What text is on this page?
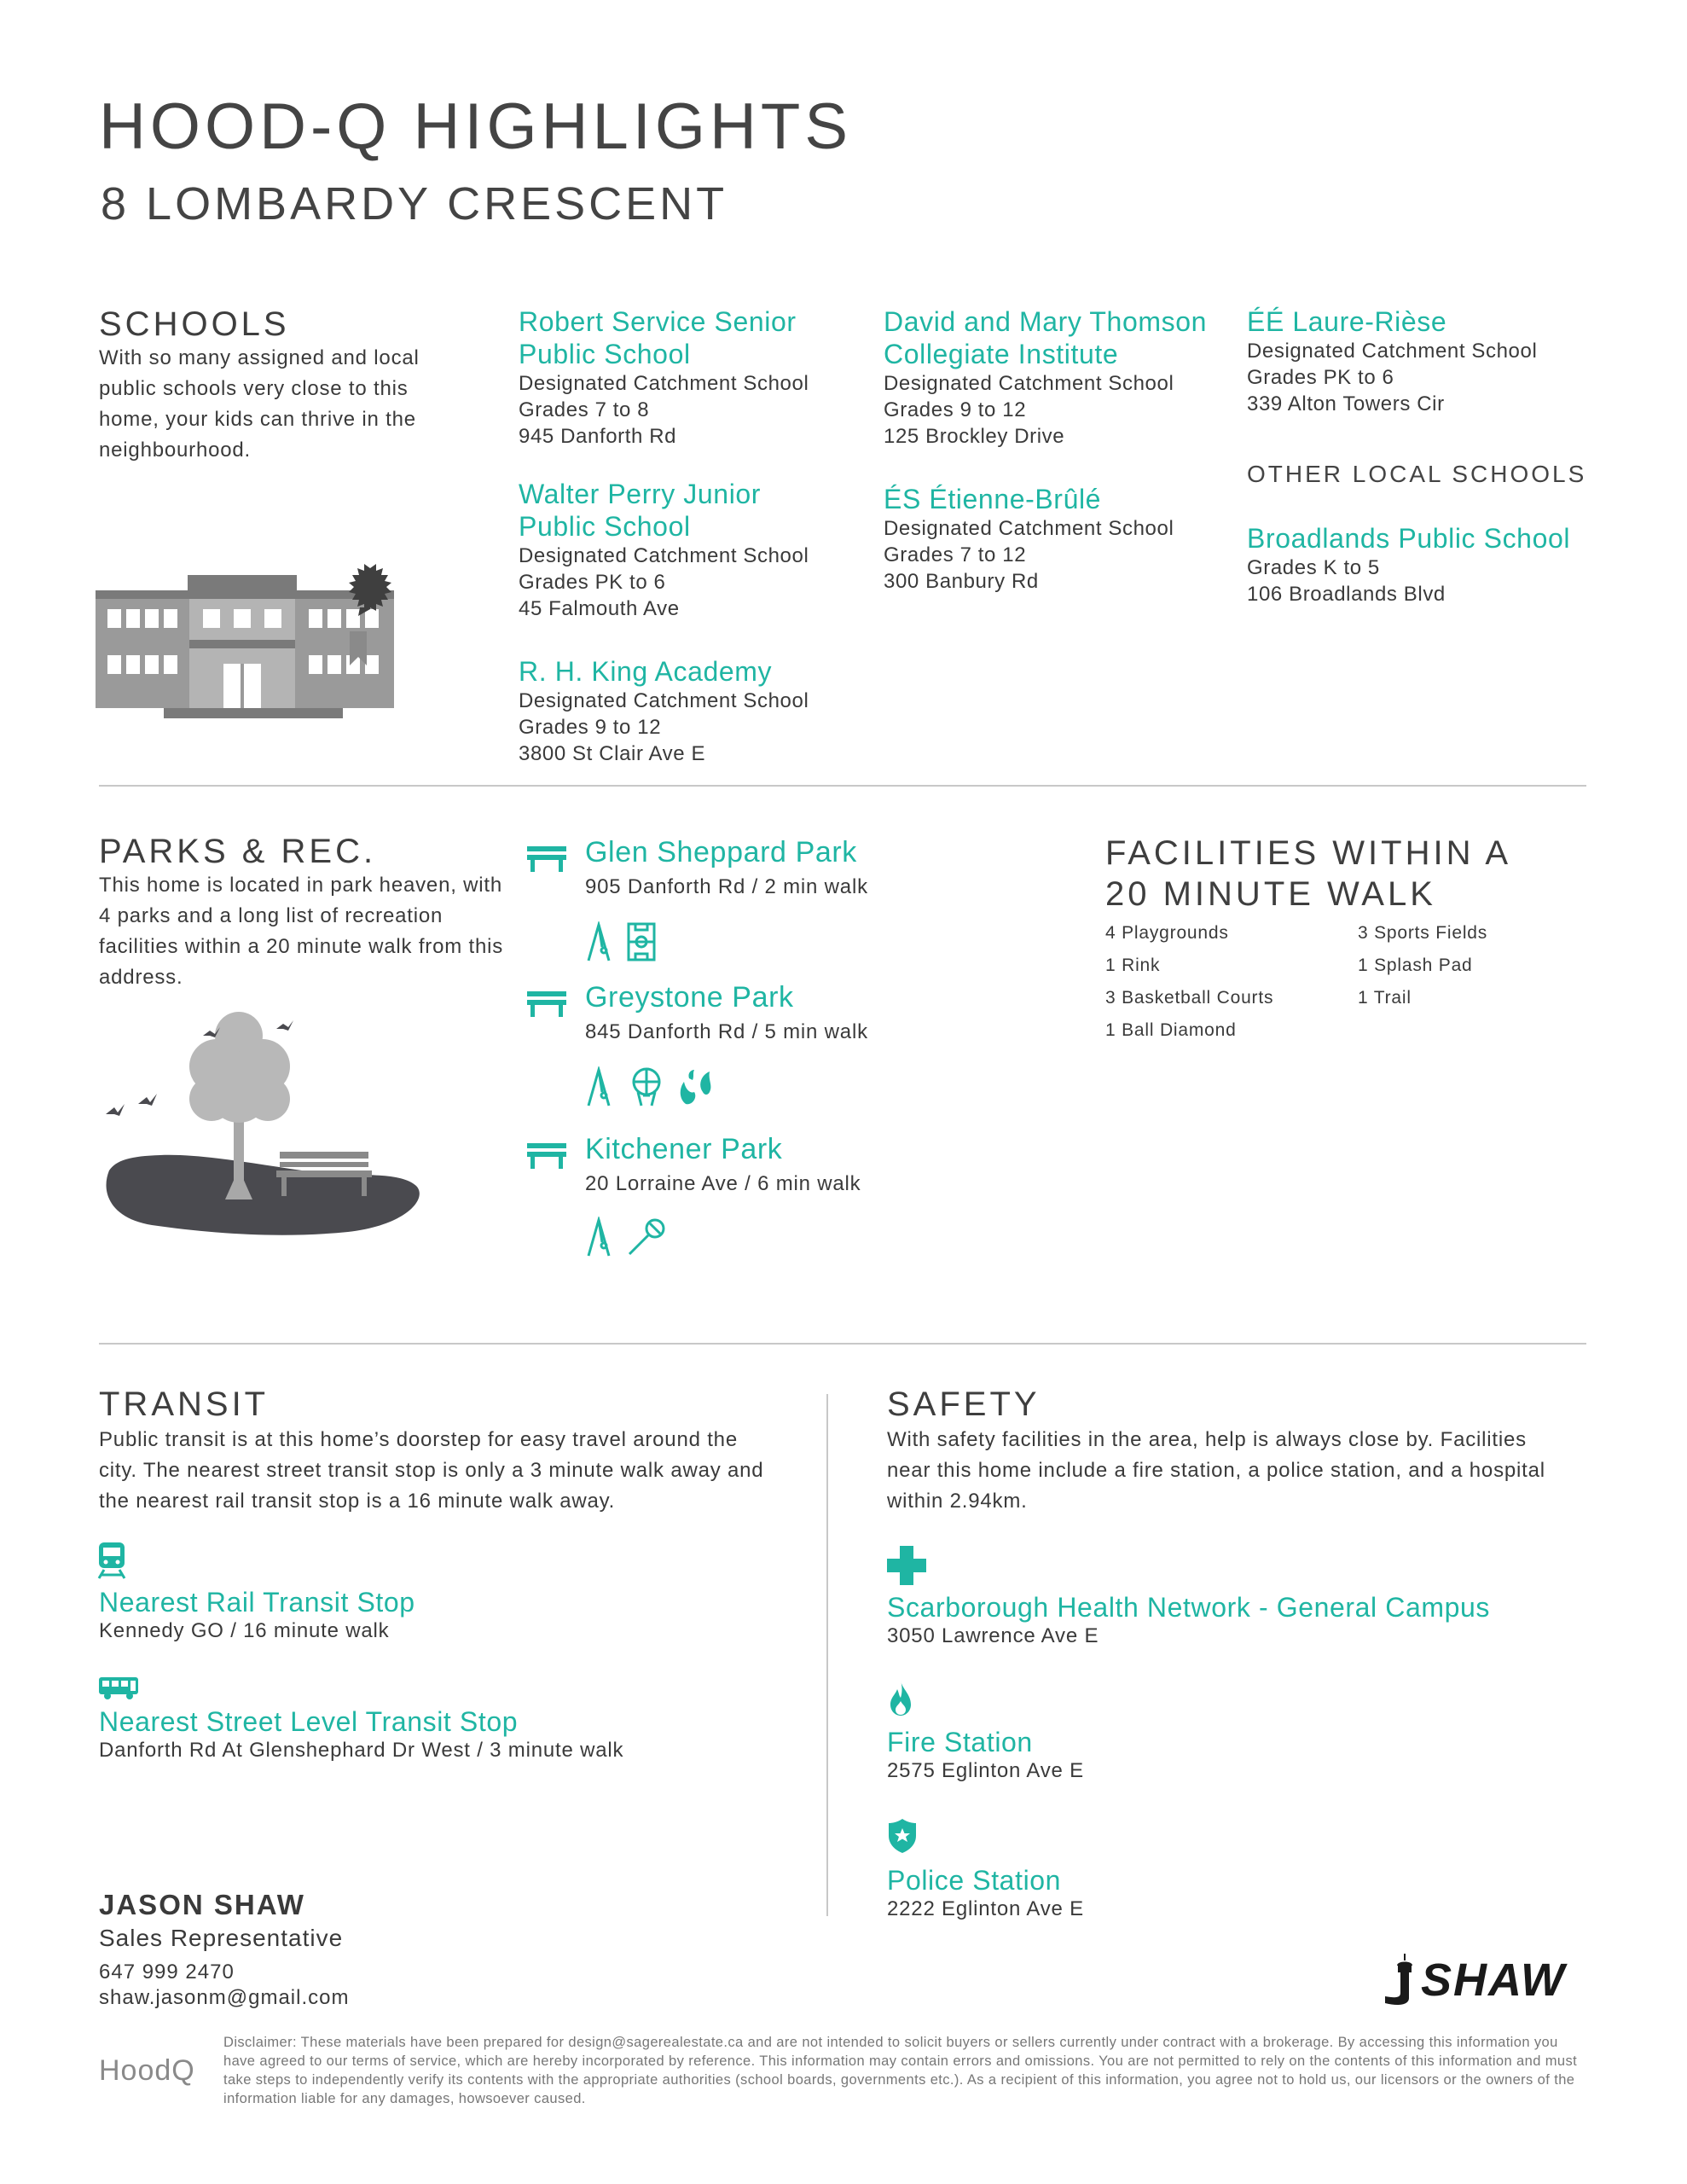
HOOD-Q HIGHLIGHTS
8 LOMBARDY CRESCENT
SCHOOLS
With so many assigned and local public schools very close to this home, your kids can thrive in the neighbourhood.
Robert Service Senior Public School
Designated Catchment School
Grades 7 to 8
945 Danforth Rd
Walter Perry Junior Public School
Designated Catchment School
Grades PK to 6
45 Falmouth Ave
R. H. King Academy
Designated Catchment School
Grades 9 to 12
3800 St Clair Ave E
David and Mary Thomson Collegiate Institute
Designated Catchment School
Grades 9 to 12
125 Brockley Drive
ÉS Étienne-Brûlé
Designated Catchment School
Grades 7 to 12
300 Banbury Rd
ÉÉ Laure-Rièse
Designated Catchment School
Grades PK to 6
339 Alton Towers Cir
OTHER LOCAL SCHOOLS
Broadlands Public School
Grades K to 5
106 Broadlands Blvd
PARKS & REC.
This home is located in park heaven, with 4 parks and a long list of recreation facilities within a 20 minute walk from this address.
Glen Sheppard Park
905 Danforth Rd / 2 min walk
Greystone Park
845 Danforth Rd / 5 min walk
Kitchener Park
20 Lorraine Ave / 6 min walk
FACILITIES WITHIN A
20 MINUTE WALK
4 Playgrounds
1 Rink
3 Basketball Courts
1 Ball Diamond
3 Sports Fields
1 Splash Pad
1 Trail
TRANSIT
Public transit is at this home’s doorstep for easy travel around the city. The nearest street transit stop is only a 3 minute walk away and the nearest rail transit stop is a 16 minute walk away.
Nearest Rail Transit Stop
Kennedy GO / 16 minute walk
Nearest Street Level Transit Stop
Danforth Rd At Glenshephard Dr West / 3 minute walk
SAFETY
With safety facilities in the area, help is always close by. Facilities near this home include a fire station, a police station, and a hospital within 2.94km.
Scarborough Health Network - General Campus
3050 Lawrence Ave E
Fire Station
2575 Eglinton Ave E
Police Station
2222 Eglinton Ave E
JASON SHAW
Sales Representative
647 999 2470
shaw.jasonm@gmail.com	SHAW
HoodQ
Disclaimer: These materials have been prepared for design@sagerealestate.ca and are not intended to solicit buyers or sellers currently under contract with a brokerage. By accessing this information you have agreed to our terms of service, which are hereby incorporated by reference. This information may contain errors and omissions. You are not permitted to rely on the contents of this information and must take steps to independently verify its contents with the appropriate authorities (school boards, governments etc.). As a recipient of this information, you agree not to hold us, our licensors or the owners of the information liable for any damages, howsoever caused.
